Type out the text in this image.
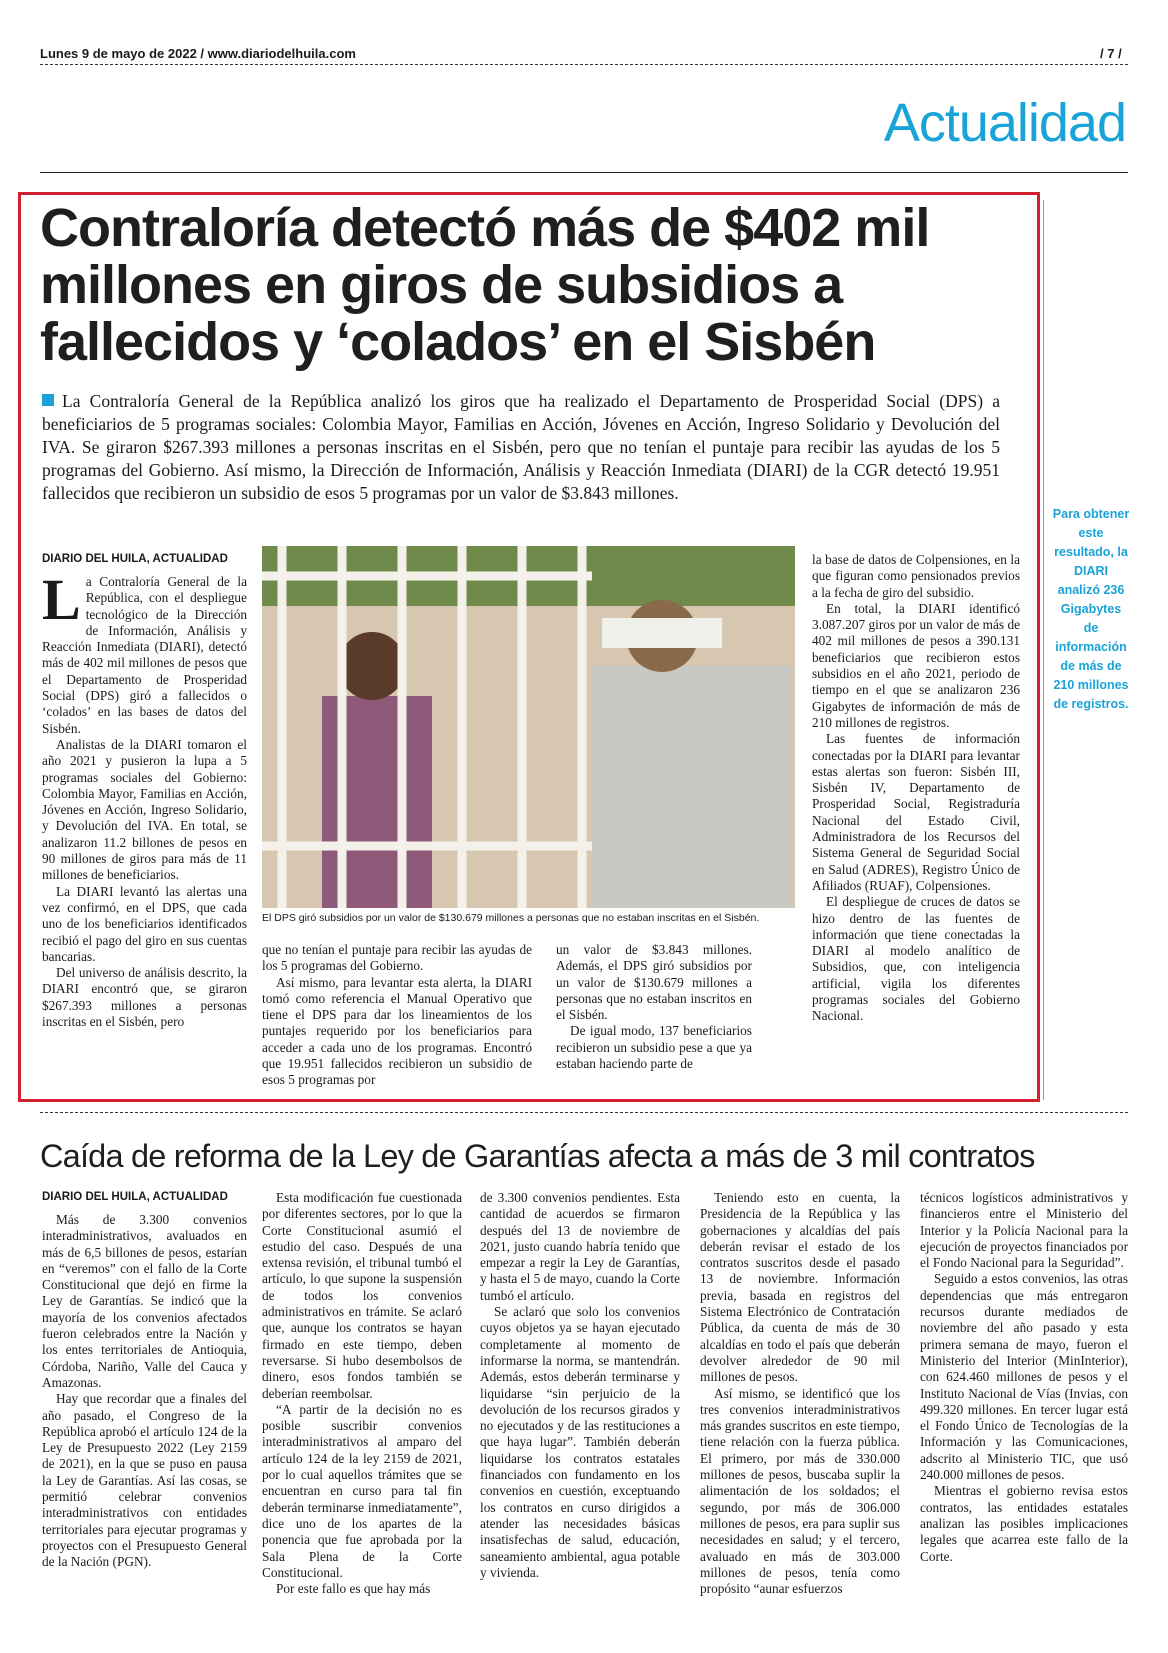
Lunes 9 de mayo de 2022 / www.diariodelhuila.com	/ 7 /
Actualidad
Contraloría detectó más de $402 mil millones en giros de subsidios a fallecidos y ‘colados’ en el Sisbén
La Contraloría General de la República analizó los giros que ha realizado el Departamento de Prosperidad Social (DPS) a beneficiarios de 5 programas sociales: Colombia Mayor, Familias en Acción, Jóvenes en Acción, Ingreso Solidario y Devolución del IVA. Se giraron $267.393 millones a personas inscritas en el Sisbén, pero que no tenían el puntaje para recibir las ayudas de los 5 programas del Gobierno. Así mismo, la Dirección de Información, Análisis y Reacción Inmediata (DIARI) de la CGR detectó 19.951 fallecidos que recibieron un subsidio de esos 5 programas por un valor de $3.843 millones.
DIARIO DEL HUILA, ACTUALIDAD

La Contraloría General de la República, con el despliegue tecnológico de la Dirección de Información, Análisis y Reacción Inmediata (DIARI), detectó más de 402 mil millones de pesos que el Departamento de Prosperidad Social (DPS) giró a fallecidos o ‘colados’ en las bases de datos del Sisbén.

Analistas de la DIARI tomaron el año 2021 y pusieron la lupa a 5 programas sociales del Gobierno: Colombia Mayor, Familias en Acción, Jóvenes en Acción, Ingreso Solidario, y Devolución del IVA. En total, se analizaron 11.2 billones de pesos en 90 millones de giros para más de 11 millones de beneficiarios.

La DIARI levantó las alertas una vez confirmó, en el DPS, que cada uno de los beneficiarios identificados recibió el pago del giro en sus cuentas bancarias.

Del universo de análisis descrito, la DIARI encontró que, se giraron $267.393 millones a personas inscritas en el Sisbén, pero

El DPS giró subsidios por un valor de $130.679 millones a personas que no estaban inscritas en el Sisbén.

que no tenían el puntaje para recibir las ayudas de los 5 programas del Gobierno.

Así mismo, para levantar esta alerta, la DIARI tomó como referencia el Manual Operativo que tiene el DPS para dar los lineamientos de los puntajes requerido por los beneficiarios para acceder a cada uno de los programas. Encontró que 19.951 fallecidos recibieron un subsidio de esos 5 programas por

un valor de $3.843 millones. Además, el DPS giró subsidios por un valor de $130.679 millones a personas que no estaban inscritos en el Sisbén.

De igual modo, 137 beneficiarios recibieron un subsidio pese a que ya estaban haciendo parte de

la base de datos de Colpensiones, en la que figuran como pensionados previos a la fecha de giro del subsidio.

En total, la DIARI identificó 3.087.207 giros por un valor de más de 402 mil millones de pesos a 390.131 beneficiarios que recibieron estos subsidios en el año 2021, periodo de tiempo en el que se analizaron 236 Gigabytes de información de más de 210 millones de registros.

Las fuentes de información conectadas por la DIARI para levantar estas alertas son fueron: Sisbén III, Sisbén IV, Departamento de Prosperidad Social, Registraduría Nacional del Estado Civil, Administradora de los Recursos del Sistema General de Seguridad Social en Salud (ADRES), Registro Único de Afiliados (RUAF), Colpensiones.

El despliegue de cruces de datos se hizo dentro de las fuentes de información que tiene conectadas la DIARI al modelo analítico de Subsidios, que, con inteligencia artificial, vigila los diferentes programas sociales del Gobierno Nacional.

Para obtener este resultado, la DIARI analizó 236 Gigabytes de información de más de 210 millones de registros.
Caída de reforma de la Ley de Garantías afecta a más de 3 mil contratos
DIARIO DEL HUILA, ACTUALIDAD

Más de 3.300 convenios interadministrativos, avaluados en más de 6,5 billones de pesos, estarían en “veremos” con el fallo de la Corte Constitucional que dejó en firme la Ley de Garantías. Se indicó que la mayoría de los convenios afectados fueron celebrados entre la Nación y los entes territoriales de Antioquia, Córdoba, Nariño, Valle del Cauca y Amazonas.

Hay que recordar que a finales del año pasado, el Congreso de la República aprobó el artículo 124 de la Ley de Presupuesto 2022 (Ley 2159 de 2021), en la que se puso en pausa la Ley de Garantías. Así las cosas, se permitió celebrar convenios interadministrativos con entidades territoriales para ejecutar programas y proyectos con el Presupuesto General de la Nación (PGN).

Esta modificación fue cuestionada por diferentes sectores, por lo que la Corte Constitucional asumió el estudio del caso. Después de una extensa revisión, el tribunal tumbó el artículo, lo que supone la suspensión de todos los convenios administrativos en trámite. Se aclaró que, aunque los contratos se hayan firmado en este tiempo, deben reversarse. Si hubo desembolsos de dinero, esos fondos también se deberían reembolsar.

“A partir de la decisión no es posible suscribir convenios interadministrativos al amparo del artículo 124 de la ley 2159 de 2021, por lo cual aquellos trámites que se encuentran en curso para tal fin deberán terminarse inmediatamente”, dice uno de los apartes de la ponencia que fue aprobada por la Sala Plena de la Corte Constitucional.

Por este fallo es que hay más

de 3.300 convenios pendientes. Esta cantidad de acuerdos se firmaron después del 13 de noviembre de 2021, justo cuando habría tenido que empezar a regir la Ley de Garantías, y hasta el 5 de mayo, cuando la Corte tumbó el artículo.

Se aclaró que solo los convenios cuyos objetos ya se hayan ejecutado completamente al momento de informarse la norma, se mantendrán. Además, estos deberán terminarse y liquidarse “sin perjuicio de la devolución de los recursos girados y no ejecutados y de las restituciones a que haya lugar”. También deberán liquidarse los contratos estatales financiados con fundamento en los convenios en cuestión, exceptuando los contratos en curso dirigidos a atender las necesidades básicas insatisfechas de salud, educación, saneamiento ambiental, agua potable y vivienda.

Teniendo esto en cuenta, la Presidencia de la República y las gobernaciones y alcaldías del país deberán revisar el estado de los contratos suscritos desde el pasado 13 de noviembre. Información previa, basada en registros del Sistema Electrónico de Contratación Pública, da cuenta de más de 30 alcaldías en todo el país que deberán devolver alrededor de 90 mil millones de pesos.

Así mismo, se identificó que los tres convenios interadministrativos más grandes suscritos en este tiempo, tiene relación con la fuerza pública. El primero, por más de 330.000 millones de pesos, buscaba suplir la alimentación de los soldados; el segundo, por más de 306.000 millones de pesos, era para suplir sus necesidades en salud; y el tercero, avaluado en más de 303.000 millones de pesos, tenía como propósito “aunar esfuerzos

técnicos logísticos administrativos y financieros entre el Ministerio del Interior y la Policía Nacional para la ejecución de proyectos financiados por el Fondo Nacional para la Seguridad”.

Seguido a estos convenios, las otras dependencias que más entregaron recursos durante mediados de noviembre del año pasado y esta primera semana de mayo, fueron el Ministerio del Interior (MinInterior), con 624.460 millones de pesos y el Instituto Nacional de Vías (Invias, con 499.320 millones. En tercer lugar está el Fondo Único de Tecnologías de la Información y las Comunicaciones, adscrito al Ministerio TIC, que usó 240.000 millones de pesos.

Mientras el gobierno revisa estos contratos, las entidades estatales analizan las posibles implicaciones legales que acarrea este fallo de la Corte.
